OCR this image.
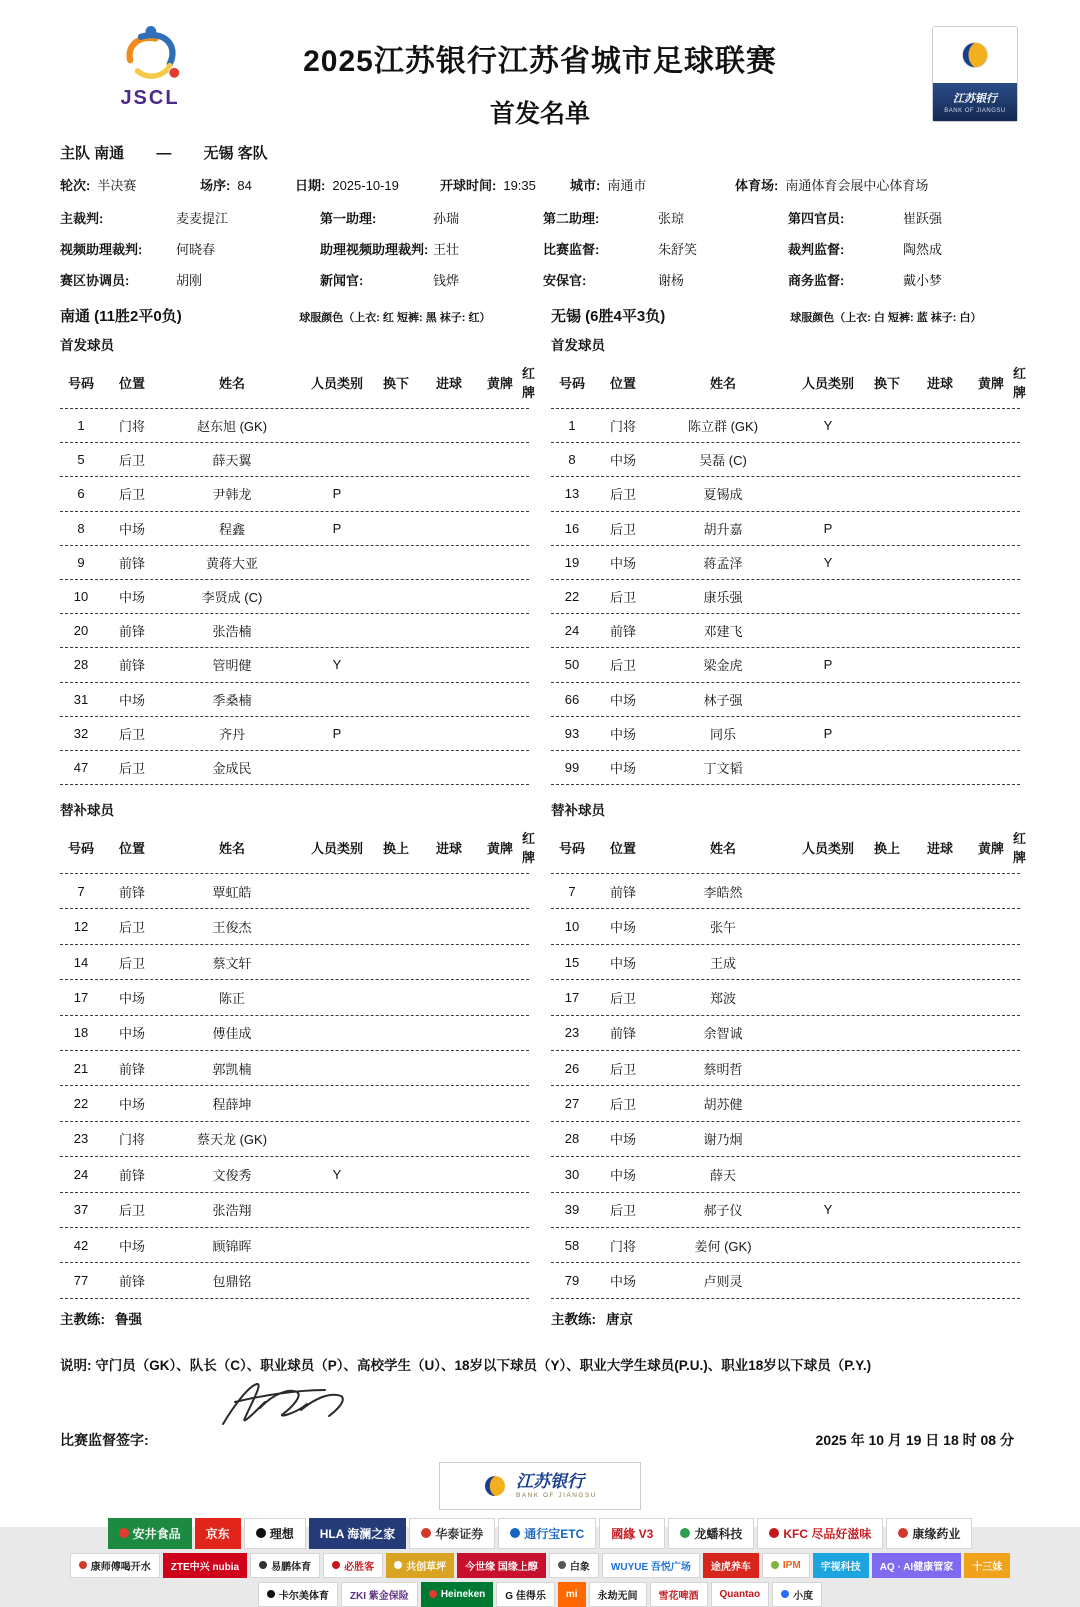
JSCL
2025江苏银行江苏省城市足球联赛
首发名单
江苏银行
BANK OF JIANGSU
主队 南通 — 无锡 客队
轮次: 半决赛	场序: 84	日期: 2025-10-19	开球时间: 19:35	城市: 南通市	体育场: 南通体育会展中心体育场
主裁判:	麦麦提江	第一助理:	孙瑞	第二助理:	张琼	第四官员:	崔跃强
视频助理裁判:	何晓春	助理视频助理裁判: 王壮	比赛监督:	朱舒笑	裁判监督:	陶然成
赛区协调员:	胡刚	新闻官:	钱烨	安保官:	谢杨	商务监督:	戴小梦
南通 (11胜2平0负)	球服颜色（上衣: 红 短裤: 黑 袜子: 红）
首发球员
号码	位置	姓名	人员类别	换下	进球	黄牌
红牌
1	门将	赵东旭 (GK)
5	后卫	薛天翼
6	后卫	尹韩龙	P
8	中场	程鑫	P
9	前锋	黄蒋大亚
10	中场	李贤成 (C)
20	前锋	张浩楠
28	前锋	管明健	Y
31	中场	季桑楠
32	后卫	齐丹	P
47	后卫	金成民
替补球员
号码	位置	姓名	人员类别	换上	进球	黄牌
红牌
7	前锋	覃虹皓
12	后卫	王俊杰
14	后卫	蔡文轩
17	中场	陈正
18	中场	傅佳成
21	前锋	郭凯楠
22	中场	程薛坤
23	门将	蔡天龙 (GK)
24	前锋	文俊秀	Y
37	后卫	张浩翔
42	中场	顾锦晖
77	前锋	包鼎铭
主教练: 鲁强
无锡 (6胜4平3负)	球服颜色（上衣: 白 短裤: 蓝 袜子: 白）
首发球员
号码	位置	姓名	人员类别	换下	进球	黄牌
红牌
1	门将	陈立群 (GK)	Y
8	中场	吴磊 (C)
13	后卫	夏锡成
16	后卫	胡升嘉	P
19	中场	蒋孟泽	Y
22	后卫	康乐强
24	前锋	邓建飞
50	后卫	梁金虎	P
66	中场	林子强
93	中场	同乐	P
99	中场	丁文韬
替补球员
号码	位置	姓名	人员类别	换上	进球	黄牌
红牌
7	前锋	李皓然
10	中场	张午
15	中场	王成
17	后卫	郑波
23	前锋	余智诚
26	后卫	蔡明哲
27	后卫	胡苏健
28	中场	谢乃炯
30	中场	薛天
39	后卫	郝子仪	Y
58	门将	姜何 (GK)
79	中场	卢则灵
主教练: 唐京
说明: 守门员（GK）、队长（C）、职业球员（P）、高校学生（U）、18岁以下球员（Y）、职业大学生球员(P.U.)、职业18岁以下球员（P.Y.)
比赛监督签字:	2025 年 10 月 19 日 18 时 08 分
江苏银行
BANK OF JIANGSU
安井食品 京东	理想 HLA 海澜之家	华泰证券	通行宝ETC 國緣 V3	龙蟠科技	KFC 尽品好滋味	康缘药业
康师傅喝开水 ZTE中兴 nubia	易鹏体育	必胜客	共创草坪 今世缘 国缘上醇	白象 WUYUE 吾悦广场 途虎养车	IPM 宇视科技 AQ · AI健康管家 十三妹
卡尔美体育 ZKI 紫金保险	Heineken G 佳得乐 mi 永劫无间 雪花啤酒 Quantao	小度
